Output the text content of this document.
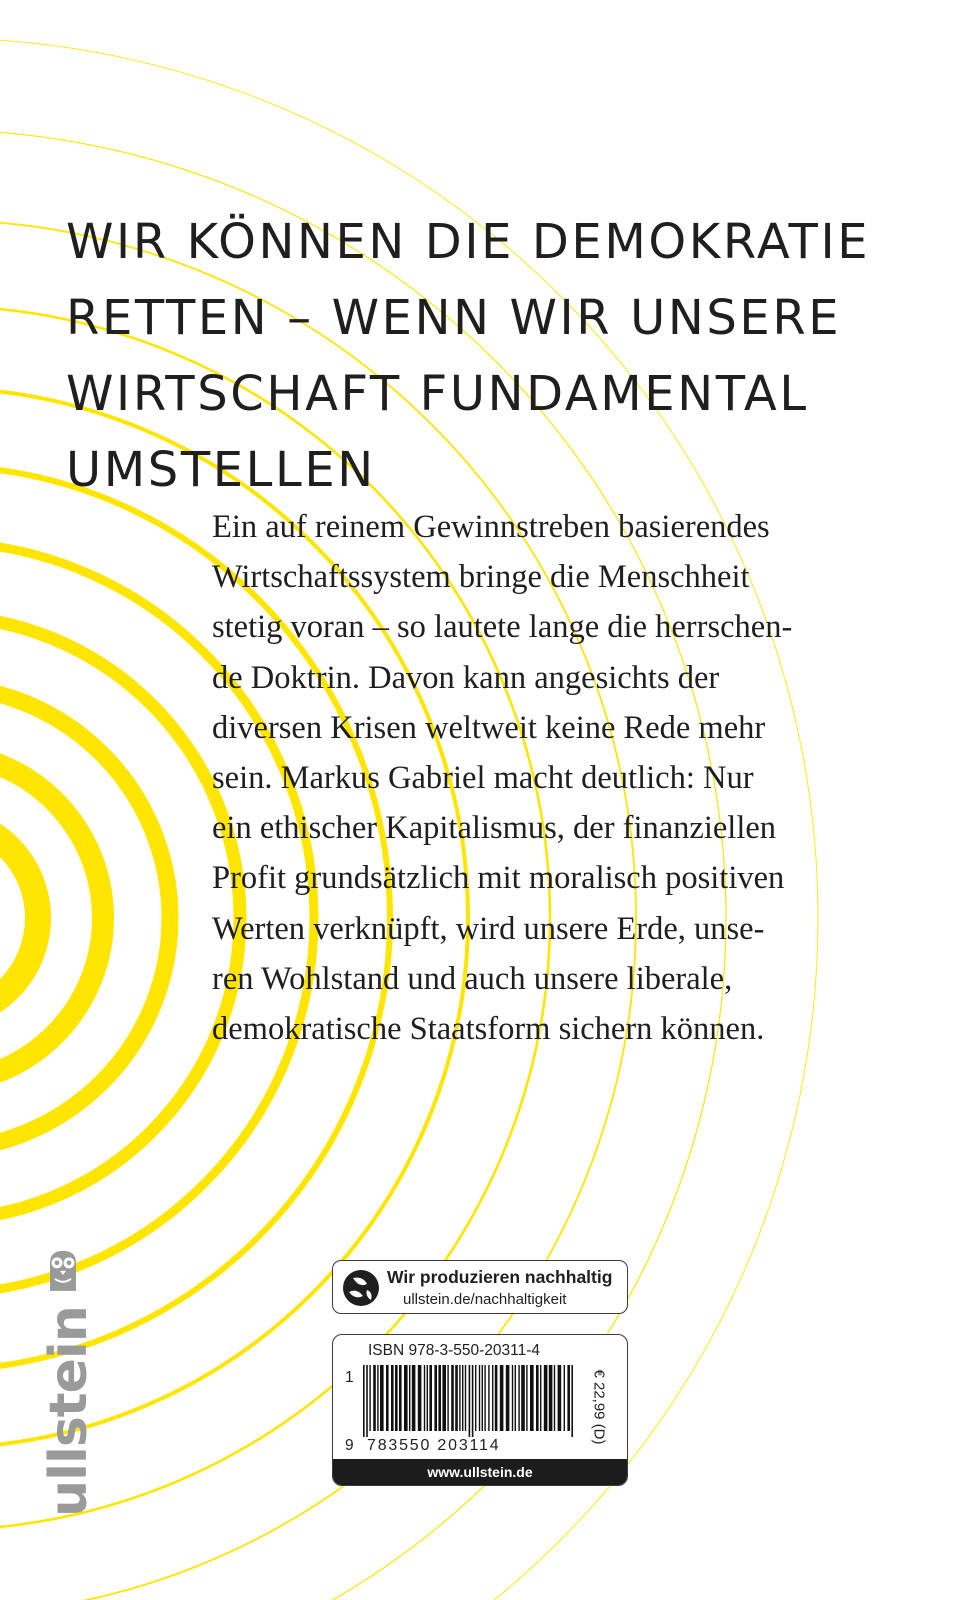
WIR KÖNNEN DIE DEMOKRATIE
RETTEN – WENN WIR UNSERE
WIRTSCHAFT FUNDAMENTAL
UMSTELLEN
Ein auf reinem Gewinnstreben basierendes
Wirtschaftssystem bringe die Menschheit
stetig voran – so lautete lange die herrschen-
de Doktrin. Davon kann angesichts der
diversen Krisen weltweit keine Rede mehr
sein. Markus Gabriel macht deutlich: Nur
ein ethischer Kapitalismus, der finanziellen
Profit grundsätzlich mit moralisch positiven
Werten verknüpft, wird unsere Erde, unse-
ren Wohlstand und auch unsere liberale,
demokratische Staatsform sichern können.
ullstein
Wir produzieren nachhaltig
ullstein.de/nachhaltigkeit
ISBN 978-3-550-20311-4
1
9 783550 203114
€ 22,99 (D)
www.ullstein.de
